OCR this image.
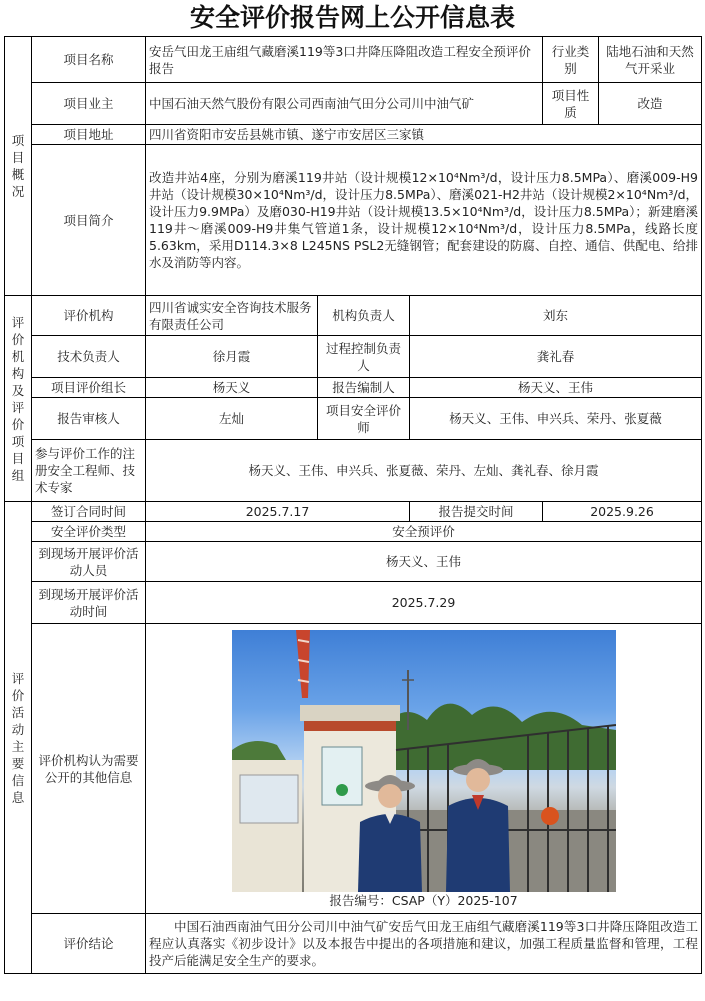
安全评价报告网上公开信息表
项目概况	项目名称	安岳气田龙王庙组气藏磨溪119等3口井降压降阻改造工程安全预评价报告			行业类别	陆地石油和天然气开采业
	项目业主	中国石油天然气股份有限公司西南油气田分公司川中油气矿			项目性质	改造
	项目地址	四川省资阳市安岳县姚市镇、遂宁市安居区三家镇				
	项目简介	改造井站4座，分别为磨溪119井站（设计规模12×10⁴Nm³/d，设计压力8.5MPa）、磨溪009-H9井站（设计规模30×10⁴Nm³/d，设计压力8.5MPa）、磨溪021-H2井站（设计规模2×10⁴Nm³/d，设计压力9.9MPa）及磨030-H19井站（设计规模13.5×10⁴Nm³/d，设计压力8.5MPa）；新建磨溪119井～磨溪009-H9井集气管道1条，设计规模12×10⁴Nm³/d，设计压力8.5MPa，线路长度5.63km，采用D114.3×8 L245NS PSL2无缝钢管；配套建设的防腐、自控、通信、供配电、给排水及消防等内容。				
评价机构及评价项目组	评价机构	四川省诚实安全咨询技术服务有限责任公司	机构负责人	刘东		
	技术负责人	徐月霞	过程控制负责人	龚礼春		
	项目评价组长	杨天义	报告编制人	杨天义、王伟		
	报告审核人	左灿	项目安全评价师	杨天义、王伟、申兴兵、荣丹、张夏薇		
	参与评价工作的注册安全工程师、技术专家	杨天义、王伟、申兴兵、张夏薇、荣丹、左灿、龚礼春、徐月霞				
评价活动主要信息	签订合同时间	2025.7.17		报告提交时间	2025.9.26	
	安全评价类型	安全预评价				
	到现场开展评价活动人员	杨天义、王伟				
	到现场开展评价活动时间	2025.7.29				
	评价机构认为需要公开的其他信息	报告编号：CSAP（Y）2025-107				

	评价结论	中国石油西南油气田分公司川中油气矿安岳气田龙王庙组气藏磨溪119等3口井降压降阻改造工程应认真落实《初步设计》以及本报告中提出的各项措施和建议，加强工程质量监督和管理，工程投产后能满足安全生产的要求。				
